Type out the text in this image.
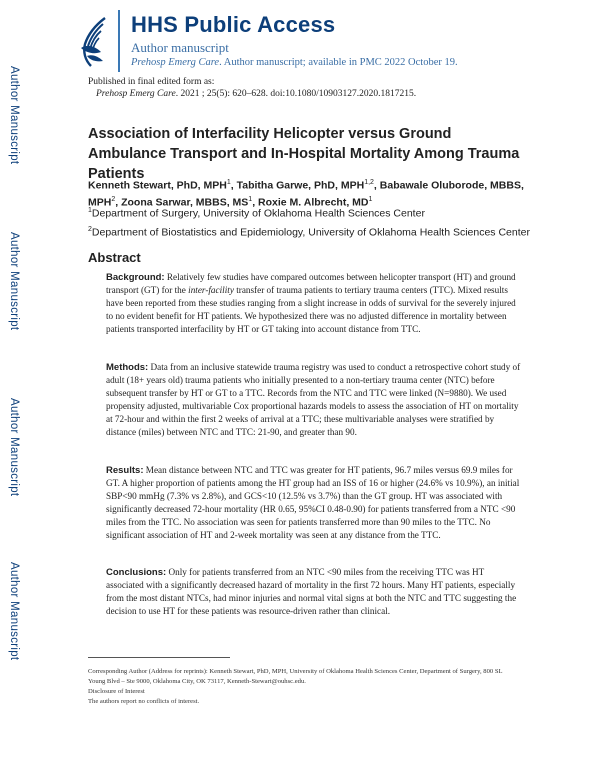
HHS Public Access
Author manuscript
Prehosp Emerg Care. Author manuscript; available in PMC 2022 October 19.
Published in final edited form as:
Prehosp Emerg Care. 2021 ; 25(5): 620–628. doi:10.1080/10903127.2020.1817215.
Author Manuscript
Author Manuscript
Author Manuscript
Author Manuscript
Association of Interfacility Helicopter versus Ground Ambulance Transport and In-Hospital Mortality Among Trauma Patients
Kenneth Stewart, PhD, MPH$^1$, Tabitha Garwe, PhD, MPH$^{1,2}$, Babawale Oluborode, MBBS, MPH$^2$, Zoona Sarwar, MBBS, $MS^1$, Roxie M. Albrecht, $MD^1$
$^1$Department of Surgery, University of Oklahoma Health Sciences Center
$^2$Department of Biostatistics and Epidemiology, University of Oklahoma Health Sciences Center
Abstract
Background: Relatively few studies have compared outcomes between helicopter transport (HT) and ground transport (GT) for the inter-facility transfer of trauma patients to tertiary trauma centers (TTC). Mixed results have been reported from these studies ranging from a slight increase in odds of survival for the severely injured to no evident benefit for HT patients. We hypothesized there was no adjusted difference in mortality between patients transported interfacility by HT or GT taking into account distance from TTC.
Methods: Data from an inclusive statewide trauma registry was used to conduct a retrospective cohort study of adult (18+ years old) trauma patients who initially presented to a non-tertiary trauma center (NTC) before subsequent transfer by HT or GT to a TTC. Records from the NTC and TTC were linked (N=9880). We used propensity adjusted, multivariable Cox proportional hazards models to assess the association of HT on mortality at 72-hour and within the first 2 weeks of arrival at a TTC; these multivariable analyses were stratified by distance (miles) between NTC and TTC: 21-90, and greater than 90.
Results: Mean distance between NTC and TTC was greater for HT patients, 96.7 miles versus 69.9 miles for GT. A higher proportion of patients among the HT group had an ISS of 16 or higher (24.6% vs 10.9%), an initial SBP<90 mmHg (7.3% vs 2.8%), and GCS<10 (12.5% vs 3.7%) than the GT group. HT was associated with significantly decreased 72-hour mortality (HR 0.65, 95%CI 0.48-0.90) for patients transferred from a NTC <90 miles from the TTC. No association was seen for patients transferred more than 90 miles to the TTC. No significant association of HT and 2-week mortality was seen at any distance from the TTC.
Conclusions: Only for patients transferred from an NTC <90 miles from the receiving TTC was HT associated with a significantly decreased hazard of mortality in the first 72 hours. Many HT patients, especially from the most distant NTCs, had minor injuries and normal vital signs at both the NTC and TTC suggesting the decision to use HT for these patients was resource-driven rather than clinical.
Corresponding Author (Address for reprints): Kenneth Stewart, PhD, MPH, University of Oklahoma Health Sciences Center, Department of Surgery, 800 SL Young Blvd – Ste 9000, Oklahoma City, OK 73117, Kenneth-Stewart@ouhsc.edu.
Disclosure of Interest
The authors report no conflicts of interest.
